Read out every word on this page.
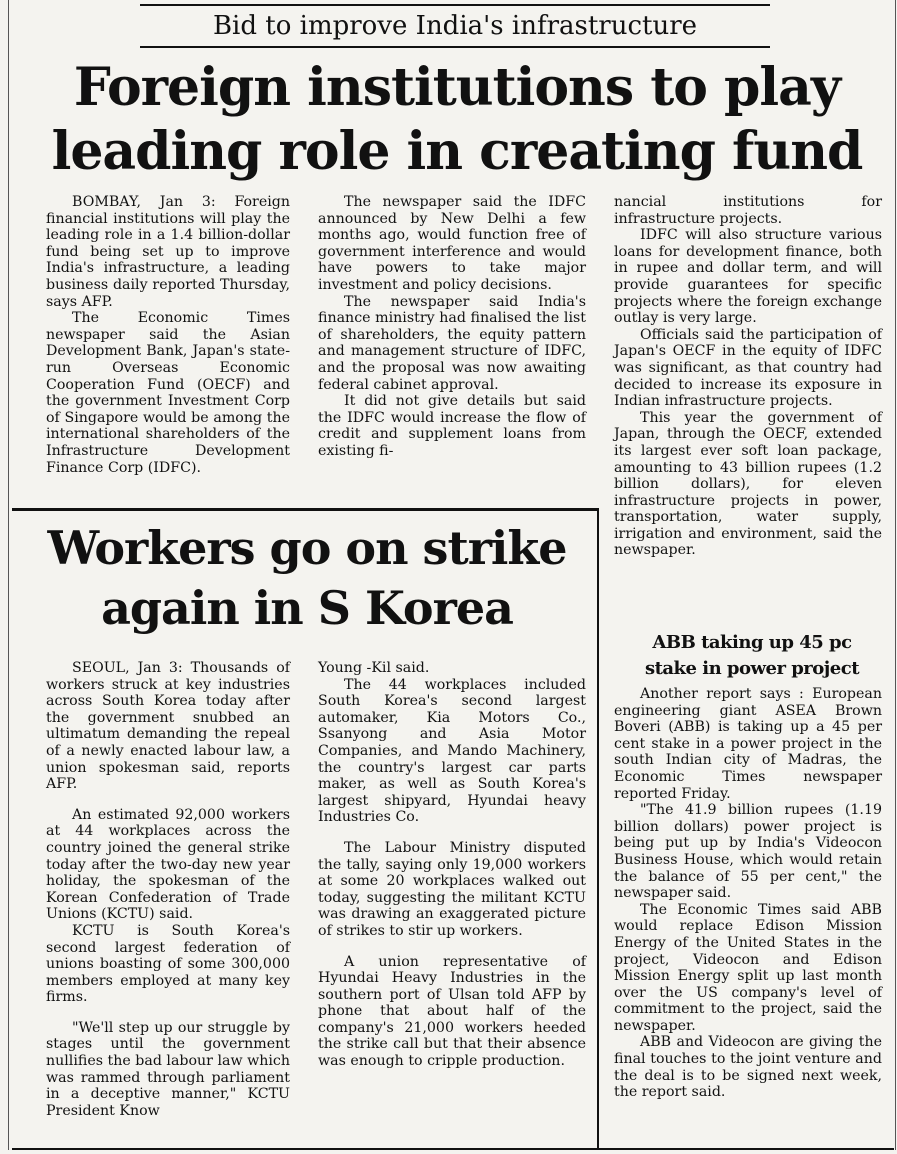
Bid to improve India's infrastructure
Foreign institutions to play
leading role in creating fund

BOMBAY, Jan 3: Foreign financial institutions will play the leading role in a 1.4 billion-dollar fund being set up to improve India's infrastructure, a leading business daily reported Thursday, says AFP.

The Economic Times newspaper said the Asian Development Bank, Japan's state-run Overseas Economic Cooperation Fund (OECF) and the government Investment Corp of Singapore would be among the international shareholders of the Infrastructure Development Finance Corp (IDFC).

The newspaper said the IDFC announced by New Delhi a few months ago, would function free of government interference and would have powers to take major investment and policy decisions.

The newspaper said India's finance ministry had finalised the list of shareholders, the equity pattern and management structure of IDFC, and the proposal was now awaiting federal cabinet approval.

It did not give details but said the IDFC would increase the flow of credit and supplement loans from existing fi-

nancial institutions for infrastructure projects.

IDFC will also structure various loans for development finance, both in rupee and dollar term, and will provide guarantees for specific projects where the foreign exchange outlay is very large.

Officials said the participation of Japan's OECF in the equity of IDFC was significant, as that country had decided to increase its exposure in Indian infrastructure projects.

This year the government of Japan, through the OECF, extended its largest ever soft loan package, amounting to 43 billion rupees (1.2 billion dollars), for eleven infrastructure projects in power, transportation, water supply, irrigation and environment, said the newspaper.

Workers go on strike
again in S Korea

SEOUL, Jan 3: Thousands of workers struck at key industries across South Korea today after the government snubbed an ultimatum demanding the repeal of a newly enacted labour law, a union spokesman said, reports AFP.

An estimated 92,000 workers at 44 workplaces across the country joined the general strike today after the two-day new year holiday, the spokesman of the Korean Confederation of Trade Unions (KCTU) said.

KCTU is South Korea's second largest federation of unions boasting of some 300,000 members employed at many key firms.

"We'll step up our struggle by stages until the government nullifies the bad labour law which was rammed through parliament in a deceptive manner," KCTU President Know

Young -Kil said.

The 44 workplaces included South Korea's second largest automaker, Kia Motors Co., Ssanyong and Asia Motor Companies, and Mando Machinery, the country's largest car parts maker, as well as South Korea's largest shipyard, Hyundai heavy Industries Co.

The Labour Ministry disputed the tally, saying only 19,000 workers at some 20 workplaces walked out today, suggesting the militant KCTU was drawing an exaggerated picture of strikes to stir up workers.

A union representative of Hyundai Heavy Industries in the southern port of Ulsan told AFP by phone that about half of the company's 21,000 workers heeded the strike call but that their absence was enough to cripple production.

ABB taking up 45 pc
stake in power project

Another report says : European engineering giant ASEA Brown Boveri (ABB) is taking up a 45 per cent stake in a power project in the south Indian city of Madras, the Economic Times newspaper reported Friday.

"The 41.9 billion rupees (1.19 billion dollars) power project is being put up by India's Videocon Business House, which would retain the balance of 55 per cent," the newspaper said.

The Economic Times said ABB would replace Edison Mission Energy of the United States in the project, Videocon and Edison Mission Energy split up last month over the US company's level of commitment to the project, said the newspaper.

ABB and Videocon are giving the final touches to the joint venture and the deal is to be signed next week, the report said.
